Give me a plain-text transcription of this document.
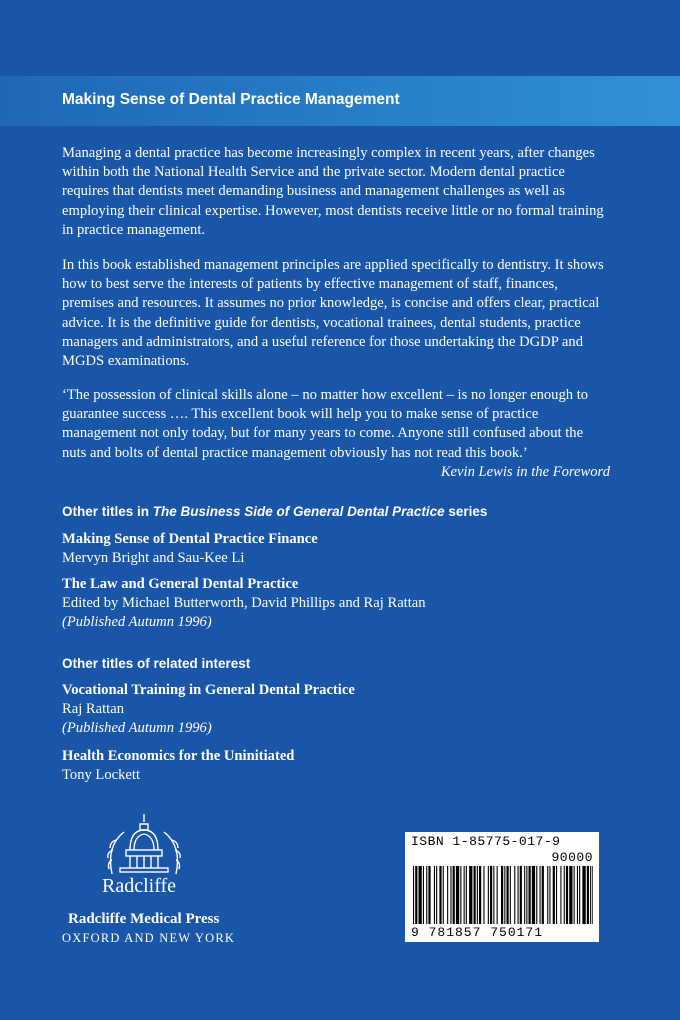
Making Sense of Dental Practice Management
Managing a dental practice has become increasingly complex in recent years, after changes within both the National Health Service and the private sector. Modern dental practice requires that dentists meet demanding business and management challenges as well as employing their clinical expertise. However, most dentists receive little or no formal training in practice management.
In this book established management principles are applied specifically to dentistry. It shows how to best serve the interests of patients by effective management of staff, finances, premises and resources. It assumes no prior knowledge, is concise and offers clear, practical advice. It is the definitive guide for dentists, vocational trainees, dental students, practice managers and administrators, and a useful reference for those undertaking the DGDP and MGDS examinations.
‘The possession of clinical skills alone – no matter how excellent – is no longer enough to guarantee success …. This excellent book will help you to make sense of practice management not only today, but for many years to come. Anyone still confused about the nuts and bolts of dental practice management obviously has not read this book.’
Kevin Lewis in the Foreword
Other titles in The Business Side of General Dental Practice series
Making Sense of Dental Practice Finance
Mervyn Bright and Sau-Kee Li
The Law and General Dental Practice
Edited by Michael Butterworth, David Phillips and Raj Rattan
(Published Autumn 1996)
Other titles of related interest
Vocational Training in General Dental Practice
Raj Rattan
(Published Autumn 1996)
Health Economics for the Uninitiated
Tony Lockett
Radcliffe
Radcliffe Medical Press
OXFORD AND NEW YORK
ISBN 1-85775-017-9
90000
9 781857 750171
